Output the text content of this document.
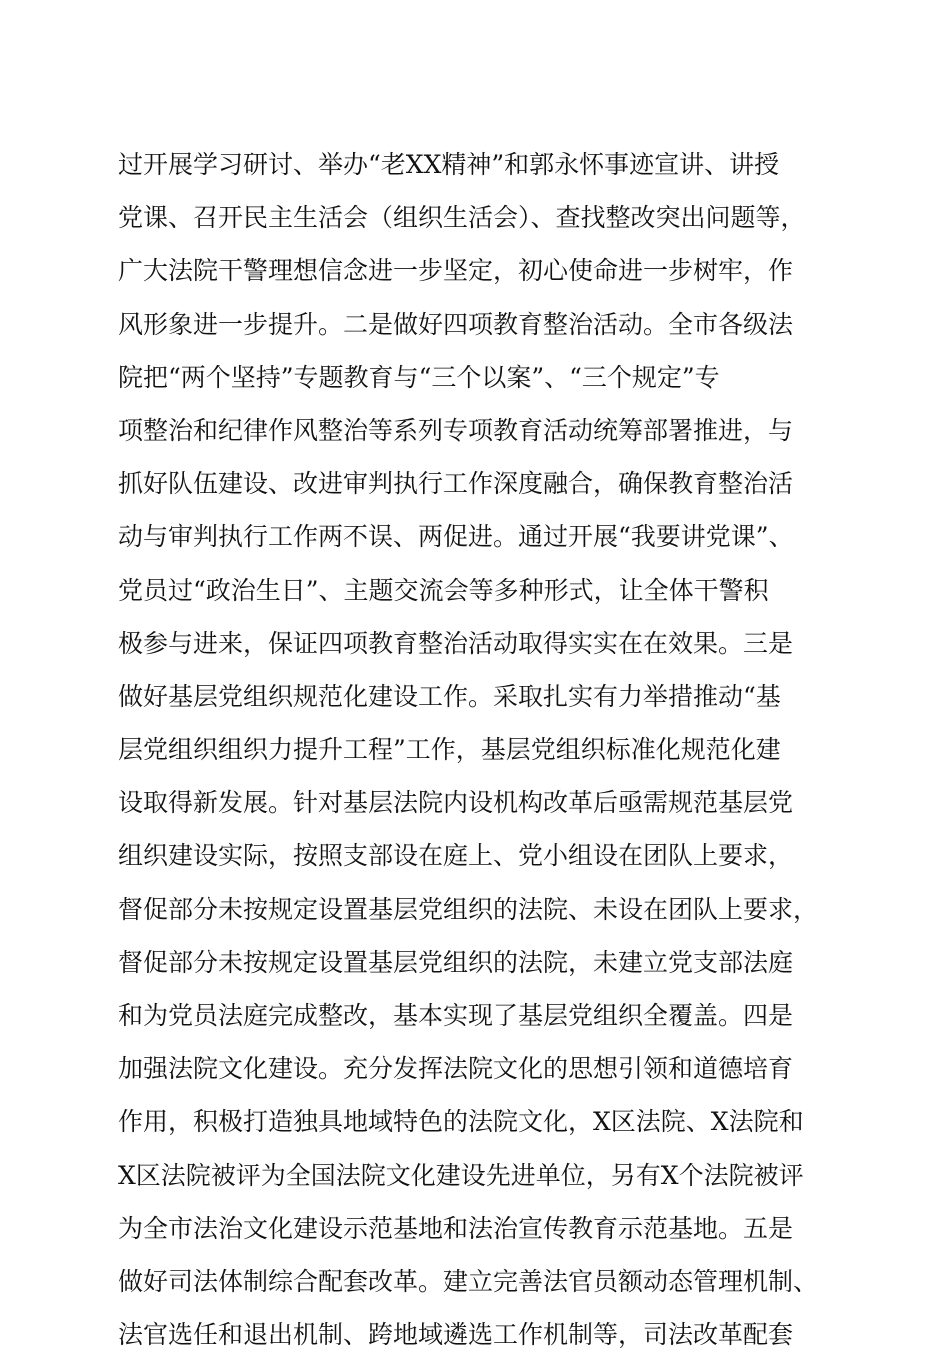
过开展学习研讨、举办“老XX精神”和郭永怀事迹宣讲、讲授
党课、召开民主生活会（组织生活会）、查找整改突出问题等，
广大法院干警理想信念进一步坚定，初心使命进一步树牢，作
风形象进一步提升。二是做好四项教育整治活动。全市各级法
院把“两个坚持”专题教育与“三个以案”、“三个规定”专
项整治和纪律作风整治等系列专项教育活动统筹部署推进，与
抓好队伍建设、改进审判执行工作深度融合，确保教育整治活
动与审判执行工作两不误、两促进。通过开展“我要讲党课”、
党员过“政治生日”、主题交流会等多种形式，让全体干警积
极参与进来，保证四项教育整治活动取得实实在在效果。三是
做好基层党组织规范化建设工作。采取扎实有力举措推动“基
层党组织组织力提升工程”工作，基层党组织标准化规范化建
设取得新发展。针对基层法院内设机构改革后亟需规范基层党
组织建设实际，按照支部设在庭上、党小组设在团队上要求，
督促部分未按规定设置基层党组织的法院、未设在团队上要求，
督促部分未按规定设置基层党组织的法院，未建立党支部法庭
和为党员法庭完成整改，基本实现了基层党组织全覆盖。四是
加强法院文化建设。充分发挥法院文化的思想引领和道德培育
作用，积极打造独具地域特色的法院文化，X区法院、X法院和
X区法院被评为全国法院文化建设先进单位，另有X个法院被评
为全市法治文化建设示范基地和法治宣传教育示范基地。五是
做好司法体制综合配套改革。建立完善法官员额动态管理机制、
法官选任和退出机制、跨地域遴选工作机制等，司法改革配套
